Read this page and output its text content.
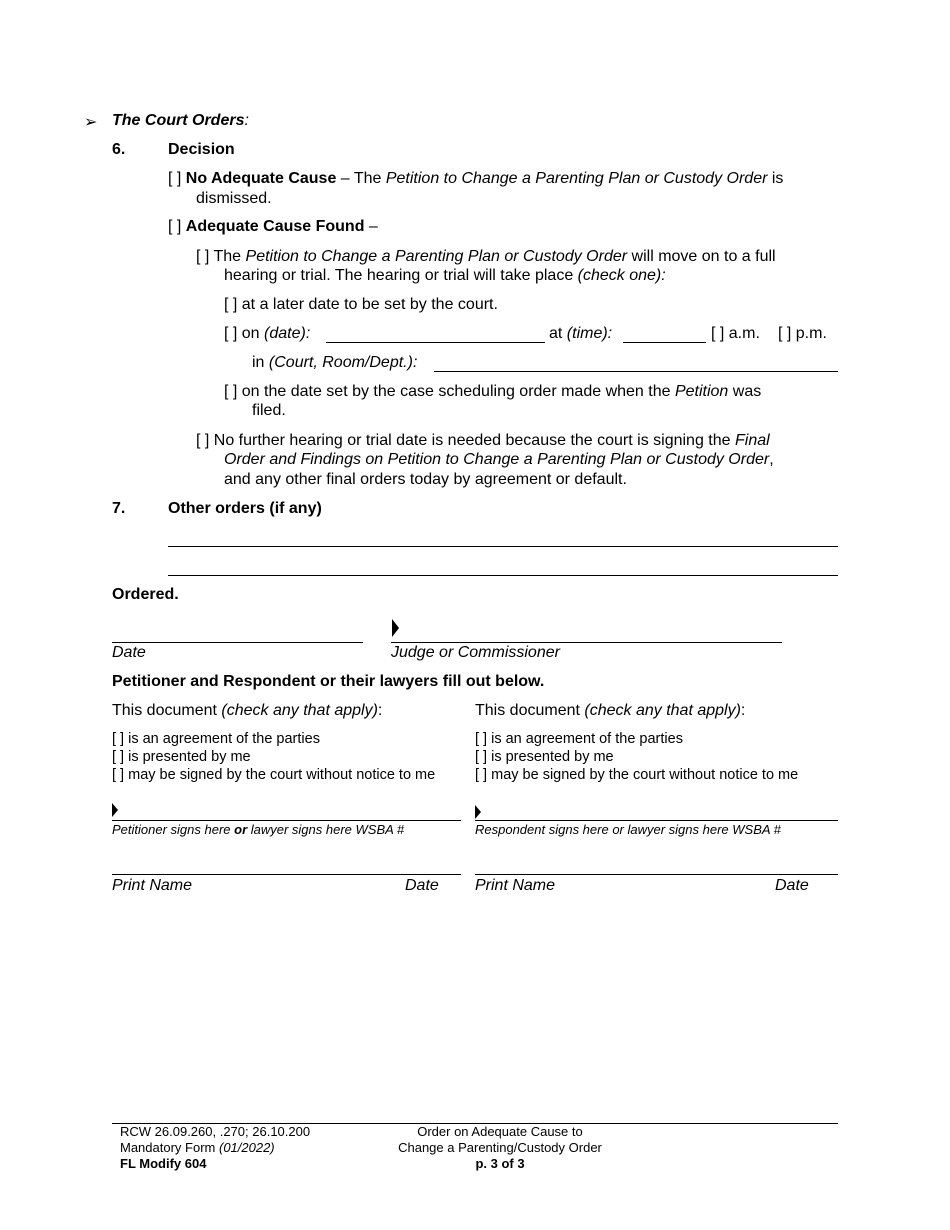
➢ The Court Orders:
6.	Decision
[ ] No Adequate Cause – The Petition to Change a Parenting Plan or Custody Order is
dismissed.
[ ] Adequate Cause Found –
[ ] The Petition to Change a Parenting Plan or Custody Order will move on to a full
hearing or trial. The hearing or trial will take place (check one):
[ ] at a later date to be set by the court.
[ ] on (date):	at (time):	[ ] a.m. [ ] p.m.
in (Court, Room/Dept.):
[ ] on the date set by the case scheduling order made when the Petition was
filed.
[ ] No further hearing or trial date is needed because the court is signing the Final
Order and Findings on Petition to Change a Parenting Plan or Custody Order,
and any other final orders today by agreement or default.
7.	Other orders (if any)
Ordered.
Date	Judge or Commissioner
Petitioner and Respondent or their lawyers fill out below.
This document (check any that apply):
[ ] is an agreement of the parties
[ ] is presented by me
[ ] may be signed by the court without notice to me
Petitioner signs here or lawyer signs here WSBA #
Print Name	Date
This document (check any that apply):
[ ] is an agreement of the parties
[ ] is presented by me
[ ] may be signed by the court without notice to me
Respondent signs here or lawyer signs here WSBA #
Print Name	Date
RCW 26.09.260, .270; 26.10.200
Mandatory Form (01/2022)
FL Modify 604
Order on Adequate Cause to
Change a Parenting/Custody Order
p. 3 of 3
